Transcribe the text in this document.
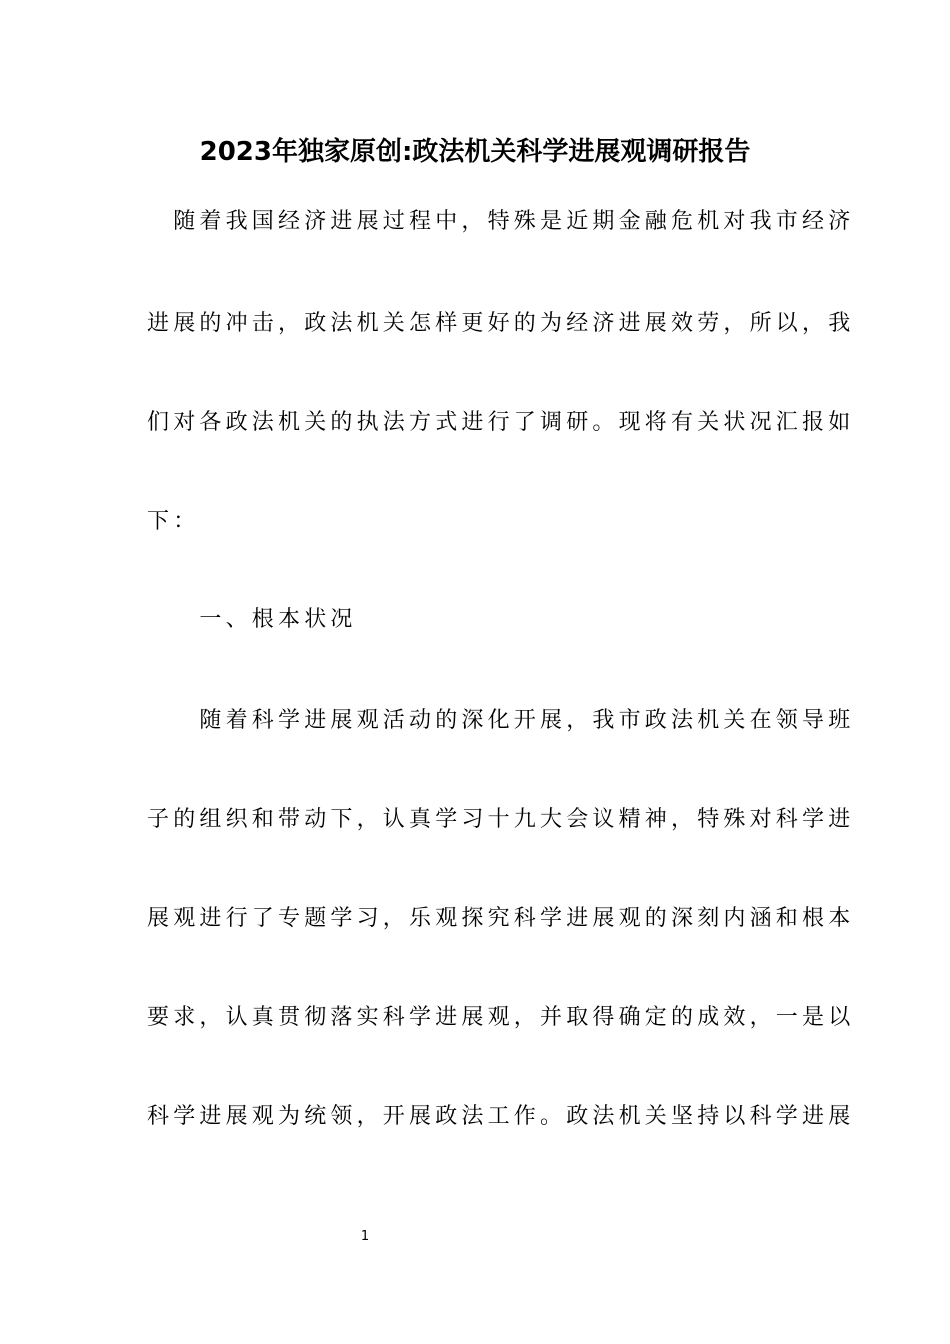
2023年独家原创:政法机关科学进展观调研报告
　随着我国经济进展过程中，特殊是近期金融危机对我市经济
进展的冲击，政法机关怎样更好的为经济进展效劳，所以，我
们对各政法机关的执法方式进行了调研。现将有关状况汇报如
下：
　　一、根本状况
　　随着科学进展观活动的深化开展，我市政法机关在领导班
子的组织和带动下，认真学习十九大会议精神，特殊对科学进
展观进行了专题学习，乐观探究科学进展观的深刻内涵和根本
要求，认真贯彻落实科学进展观，并取得确定的成效，一是以
科学进展观为统领，开展政法工作。政法机关坚持以科学进展
1
